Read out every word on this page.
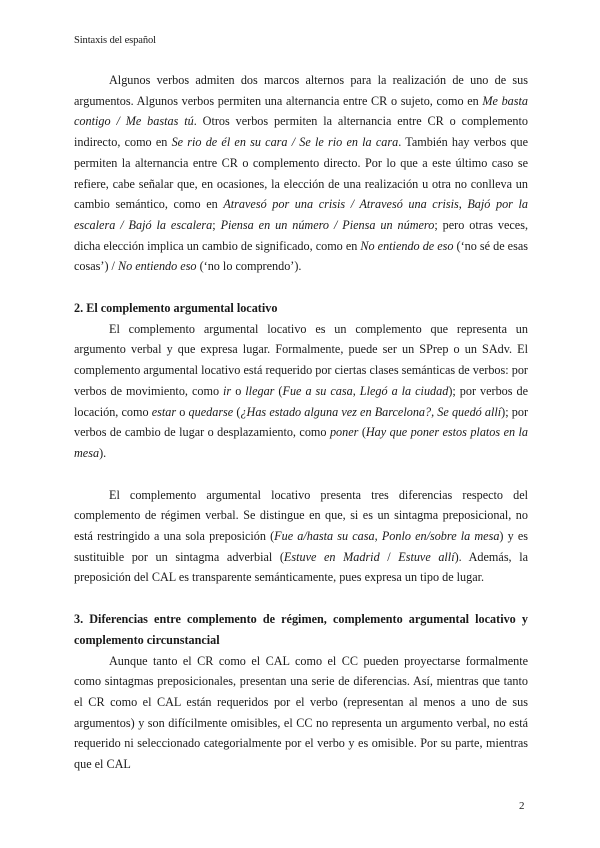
Sintaxis del español

Algunos verbos admiten dos marcos alternos para la realización de uno de sus argumentos. Algunos verbos permiten una alternancia entre CR o sujeto, como en Me basta contigo / Me bastas tú. Otros verbos permiten la alternancia entre CR o complemento indirecto, como en Se rio de él en su cara / Se le rio en la cara. También hay verbos que permiten la alternancia entre CR o complemento directo. Por lo que a este último caso se refiere, cabe señalar que, en ocasiones, la elección de una realización u otra no conlleva un cambio semántico, como en Atravesó por una crisis / Atravesó una crisis, Bajó por la escalera / Bajó la escalera; Piensa en un número / Piensa un número; pero otras veces, dicha elección implica un cambio de significado, como en No entiendo de eso (‘no sé de esas cosas’) / No entiendo eso (‘no lo comprendo’).

2. El complemento argumental locativo

El complemento argumental locativo es un complemento que representa un argumento verbal y que expresa lugar. Formalmente, puede ser un SPrep o un SAdv. El complemento argumental locativo está requerido por ciertas clases semánticas de verbos: por verbos de movimiento, como ir o llegar (Fue a su casa, Llegó a la ciudad); por verbos de locación, como estar o quedarse (¿Has estado alguna vez en Barcelona?, Se quedó allí); por verbos de cambio de lugar o desplazamiento, como poner (Hay que poner estos platos en la mesa).

El complemento argumental locativo presenta tres diferencias respecto del complemento de régimen verbal. Se distingue en que, si es un sintagma preposicional, no está restringido a una sola preposición (Fue a/hasta su casa, Ponlo en/sobre la mesa) y es sustituible por un sintagma adverbial (Estuve en Madrid / Estuve allí). Además, la preposición del CAL es transparente semánticamente, pues expresa un tipo de lugar.

3. Diferencias entre complemento de régimen, complemento argumental locativo y complemento circunstancial

Aunque tanto el CR como el CAL como el CC pueden proyectarse formalmente como sintagmas preposicionales, presentan una serie de diferencias. Así, mientras que tanto el CR como el CAL están requeridos por el verbo (representan al menos a uno de sus argumentos) y son difícilmente omisibles, el CC no representa un argumento verbal, no está requerido ni seleccionado categorialmente por el verbo y es omisible. Por su parte, mientras que el CAL

2
